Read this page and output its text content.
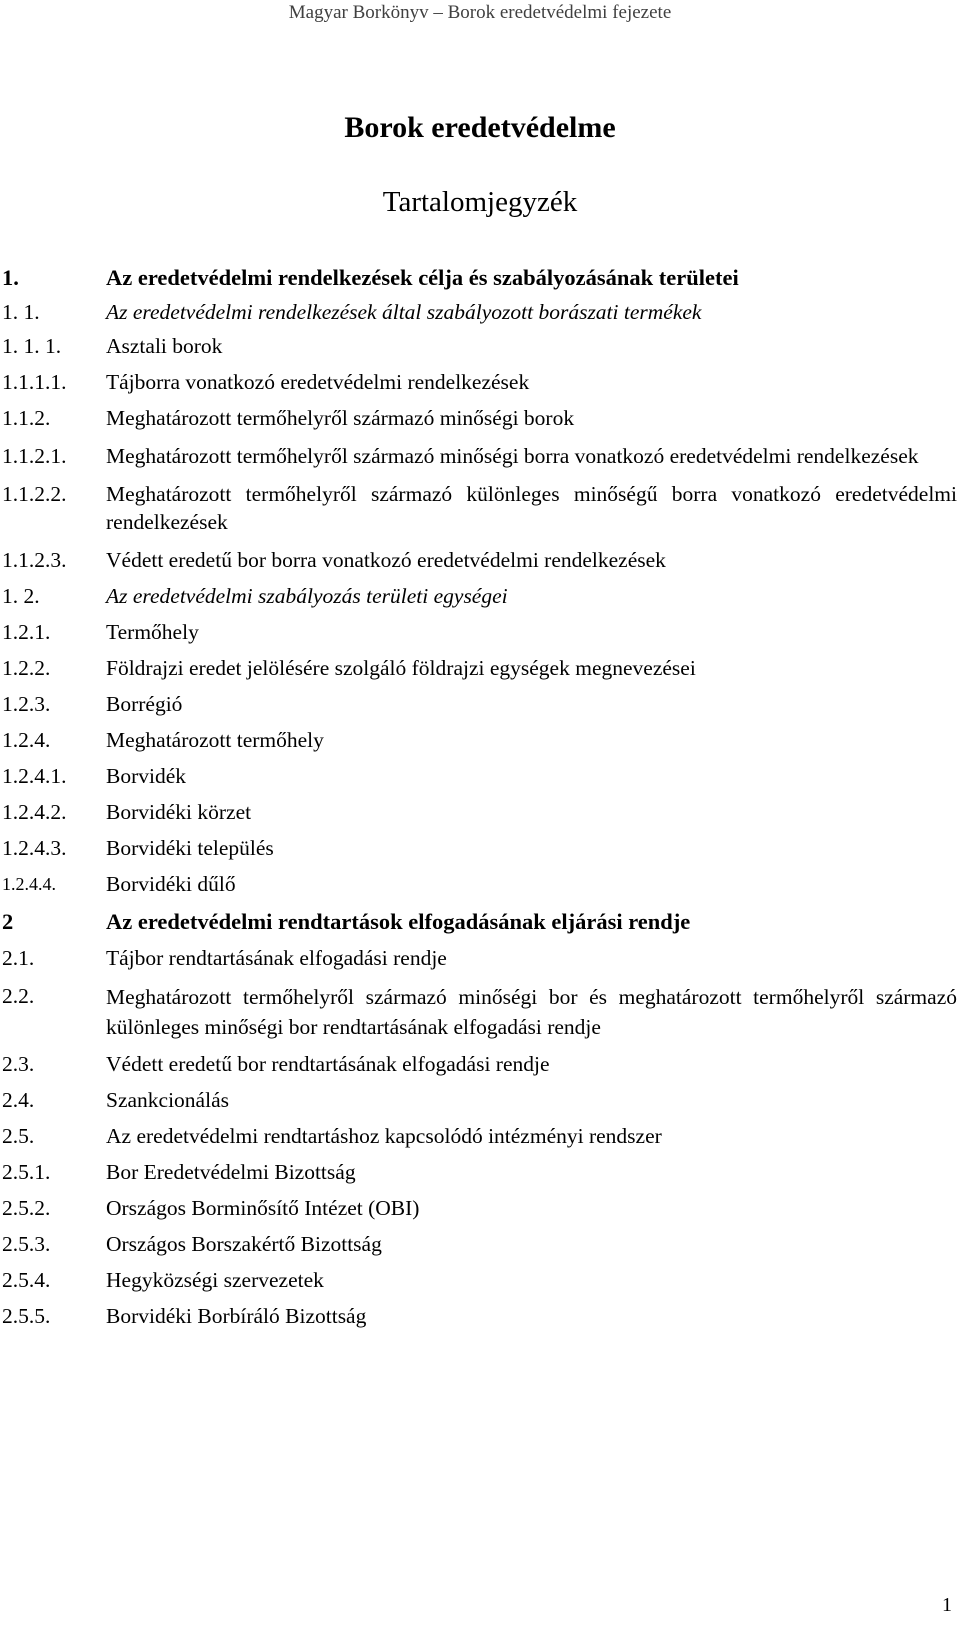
Magyar Borkönyv – Borok eredetvédelmi fejezete
Borok eredetvédelme
Tartalomjegyzék
1.	Az eredetvédelmi rendelkezések célja és szabályozásának területei
1. 1.	Az eredetvédelmi rendelkezések által szabályozott borászati termékek
1. 1. 1.	Asztali borok
1.1.1.1.	Tájborra vonatkozó eredetvédelmi rendelkezések
1.1.2.	Meghatározott termőhelyről származó minőségi borok
1.1.2.1.	Meghatározott termőhelyről származó minőségi borra vonatkozó eredetvédelmi rendelkezések
1.1.2.2.	Meghatározott termőhelyről származó különleges minőségű borra vonatkozó eredetvédelmi rendelkezések
1.1.2.3.	Védett eredetű bor borra vonatkozó eredetvédelmi rendelkezések
1. 2.	Az eredetvédelmi szabályozás területi egységei
1.2.1.	Termőhely
1.2.2.	Földrajzi eredet jelölésére szolgáló földrajzi egységek megnevezései
1.2.3.	Borrégió
1.2.4.	Meghatározott termőhely
1.2.4.1.	Borvidék
1.2.4.2.	Borvidéki körzet
1.2.4.3.	Borvidéki település
1.2.4.4.	Borvidéki dűlő
2	Az eredetvédelmi rendtartások elfogadásának eljárási rendje
2.1.	Tájbor rendtartásának elfogadási rendje
2.2.	Meghatározott termőhelyről származó minőségi bor és meghatározott termőhelyről származó különleges minőségi bor rendtartásának elfogadási rendje
2.3.	Védett eredetű bor rendtartásának elfogadási rendje
2.4.	Szankcionálás
2.5.	Az eredetvédelmi rendtartáshoz kapcsolódó intézményi rendszer
2.5.1.	Bor Eredetvédelmi Bizottság
2.5.2.	Országos Borminősítő Intézet (OBI)
2.5.3.	Országos Borszakértő Bizottság
2.5.4.	Hegyközségi szervezetek
2.5.5.	Borvidéki Borbíráló Bizottság
1
